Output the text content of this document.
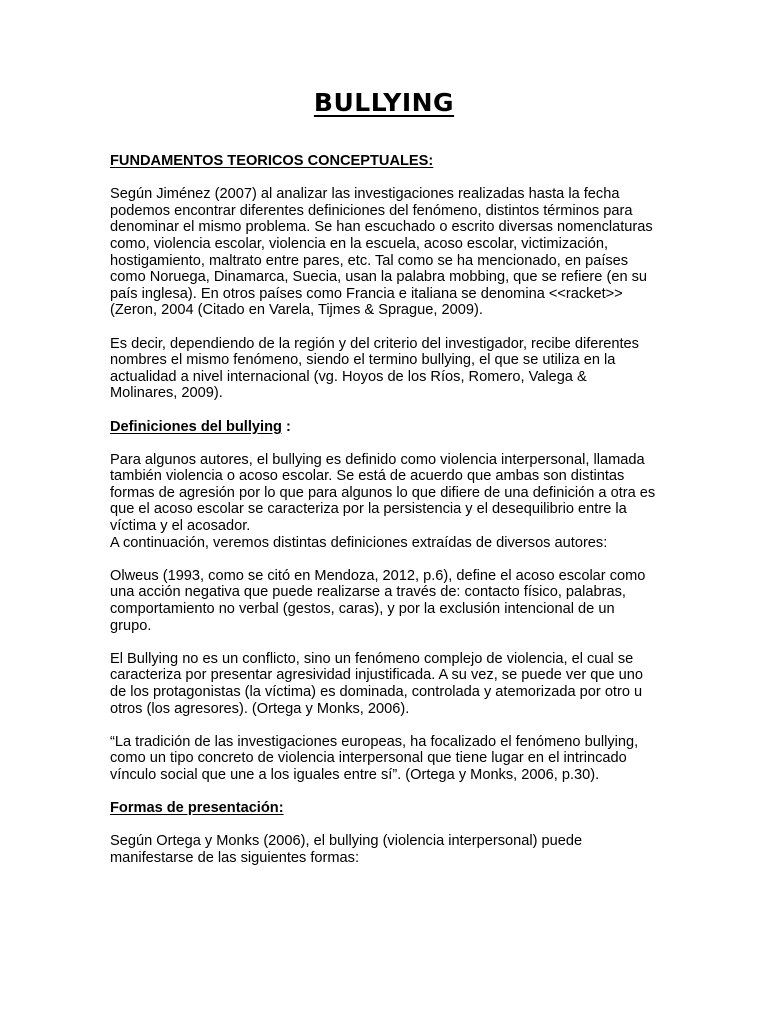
BULLYING

FUNDAMENTOS TEORICOS CONCEPTUALES:

Según Jiménez (2007) al analizar las investigaciones realizadas hasta la fecha podemos encontrar diferentes definiciones del fenómeno, distintos términos para denominar el mismo problema. Se han escuchado o escrito diversas nomenclaturas como, violencia escolar, violencia en la escuela, acoso escolar, victimización, hostigamiento, maltrato entre pares, etc. Tal como se ha mencionado, en países como Noruega, Dinamarca, Suecia, usan la palabra mobbing, que se refiere (en su país inglesa). En otros países como Francia e italiana se denomina <<racket>> (Zeron, 2004 (Citado en Varela, Tijmes & Sprague, 2009).

Es decir, dependiendo de la región y del criterio del investigador, recibe diferentes nombres el mismo fenómeno, siendo el termino bullying, el que se utiliza en la actualidad a nivel internacional (vg. Hoyos de los Ríos, Romero, Valega & Molinares, 2009).

Definiciones del bullying :

Para algunos autores, el bullying es definido como violencia interpersonal, llamada también violencia o acoso escolar. Se está de acuerdo que ambas son distintas formas de agresión por lo que para algunos lo que difiere de una definición a otra es que el acoso escolar se caracteriza por la persistencia y el desequilibrio entre la víctima y el acosador.

A continuación, veremos distintas definiciones extraídas de diversos autores:

Olweus (1993, como se citó en Mendoza, 2012, p.6), define el acoso escolar como una acción negativa que puede realizarse a través de: contacto físico, palabras, comportamiento no verbal (gestos, caras), y por la exclusión intencional de un grupo.

El Bullying no es un conflicto, sino un fenómeno complejo de violencia, el cual se caracteriza por presentar agresividad injustificada. A su vez, se puede ver que uno de los protagonistas (la víctima) es dominada, controlada y atemorizada por otro u otros (los agresores). (Ortega y Monks, 2006).

“La tradición de las investigaciones europeas, ha focalizado el fenómeno bullying, como un tipo concreto de violencia interpersonal que tiene lugar en el intrincado vínculo social que une a los iguales entre sí”. (Ortega y Monks, 2006, p.30).

Formas de presentación:

Según Ortega y Monks (2006), el bullying (violencia interpersonal) puede manifestarse de las siguientes formas:
